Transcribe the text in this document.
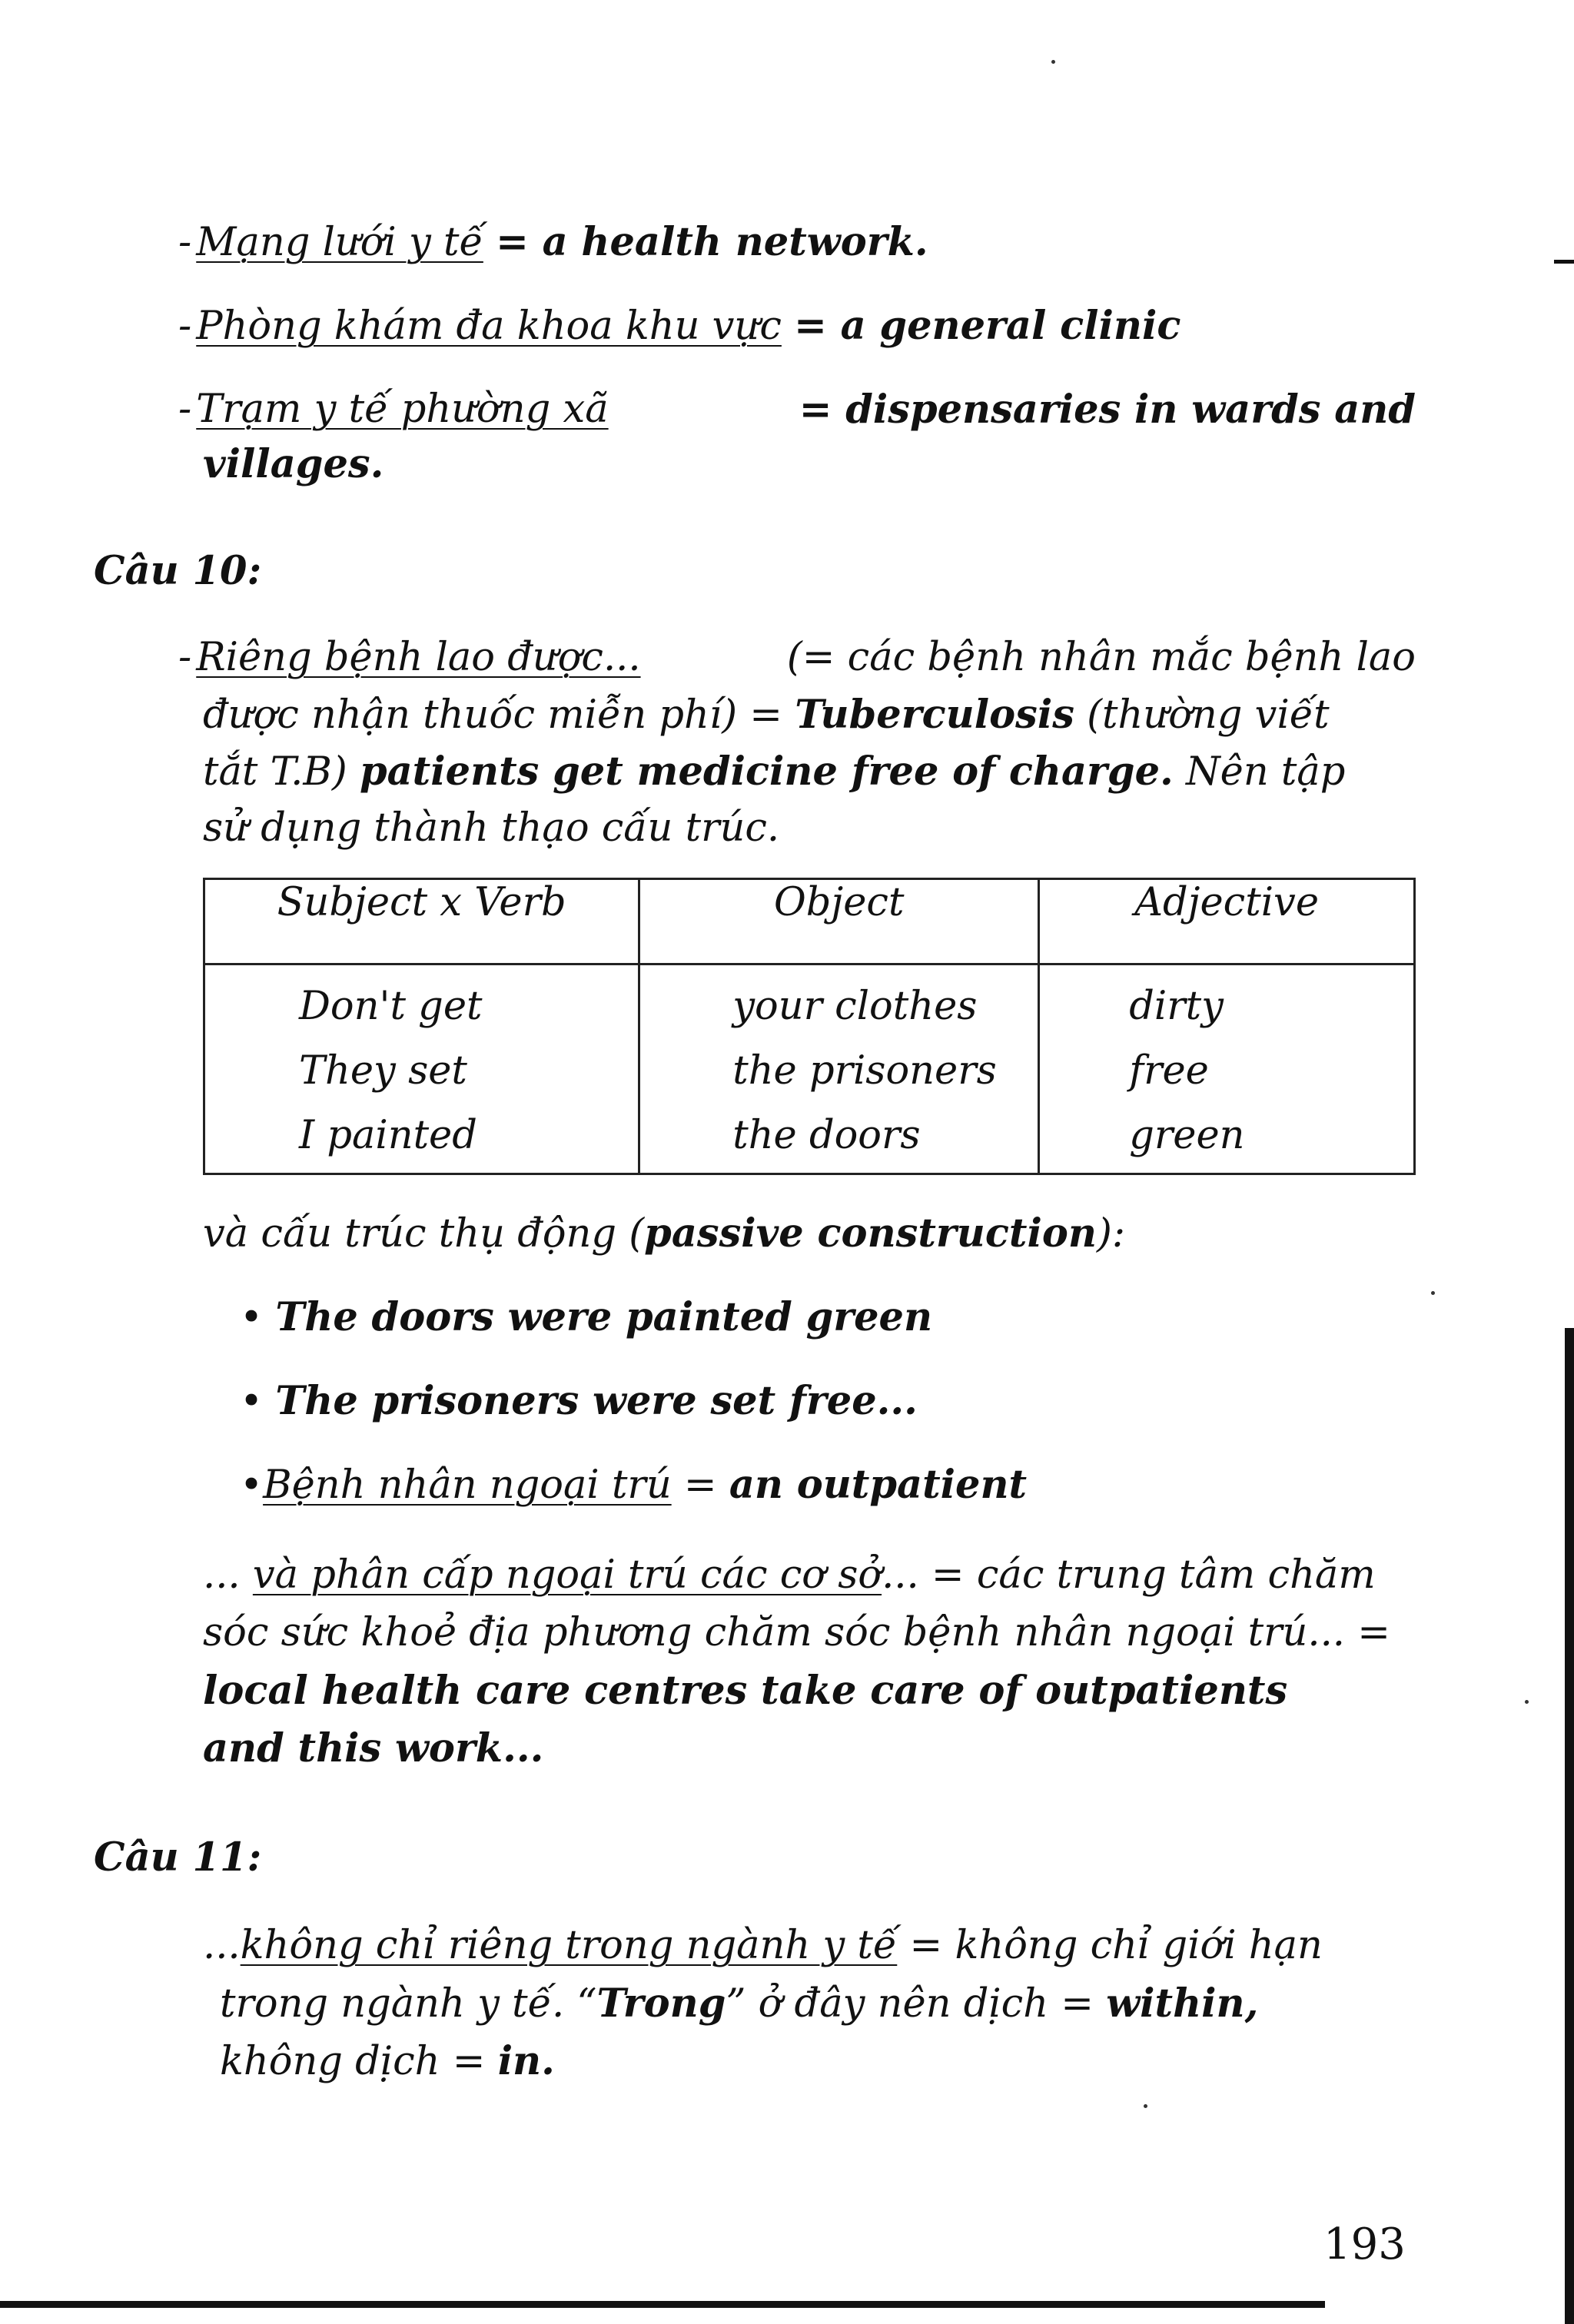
- Mạng lưới y tế = a health network.
- Phòng khám đa khoa khu vực = a general clinic
- Trạm y tế phường xã	= dispensaries in wards and
villages.
Câu 10:
- Riêng bệnh lao được...	(= các bệnh nhân mắc bệnh lao
được nhận thuốc miễn phí) = Tuberculosis (thường viết
tắt T.B) patients get medicine free of charge. Nên tập
sử dụng thành thạo cấu trúc.
Subject x Verb	Object	Adjective

Don't get	your clothes	dirty

They set	the prisoners	free

I painted	the doors	green
và cấu trúc thụ động (passive construction):
• The doors were painted green
• The prisoners were set free...
•Bệnh nhân ngoại trú = an outpatient
... và phân cấp ngoại trú các cơ sở... = các trung tâm chăm
sóc sức khoẻ địa phương chăm sóc bệnh nhân ngoại trú... =
local health care centres take care of outpatients
and this work...
Câu 11:
...không chỉ riêng trong ngành y tế = không chỉ giới hạn
trong ngành y tế. “Trong” ở đây nên dịch = within,
không dịch = in.
193
